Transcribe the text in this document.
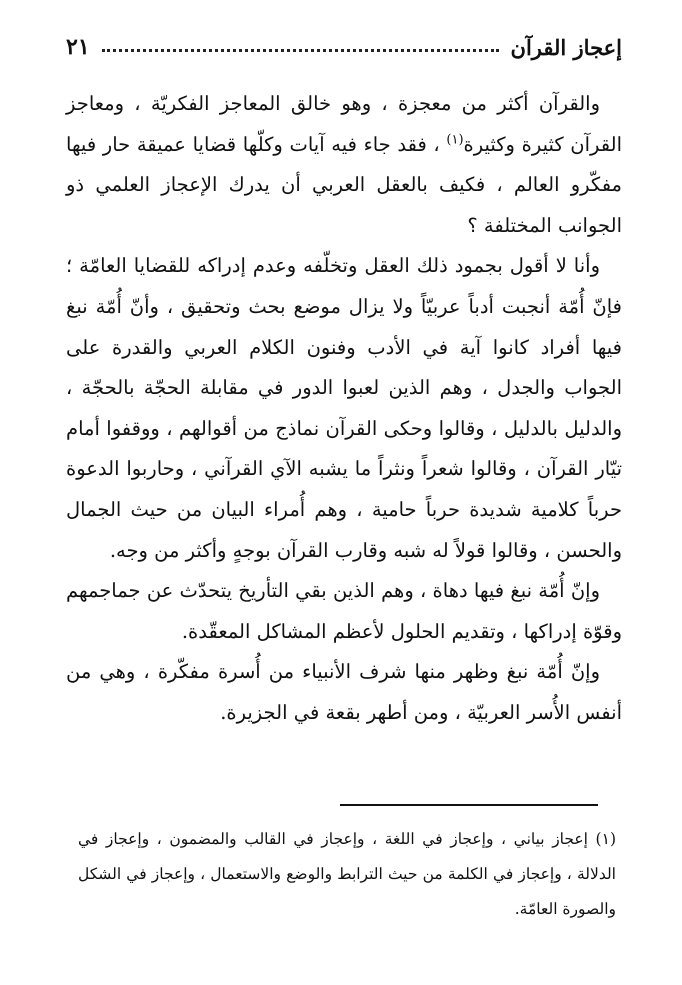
إعجاز القرآن
٢١

والقرآن أكثر من معجزة ، وهو خالق المعاجز الفكريّة ، ومعاجز القرآن كثيرة وكثيرة$^{(١)}$ ، فقد جاء فيه آيات وكلّها قضايا عميقة حار فيها مفكّرو العالم ، فكيف بالعقل العربي أن يدرك الإعجاز العلمي ذو الجوانب المختلفة ؟

وأنا لا أقول بجمود ذلك العقل وتخلّفه وعدم إدراكه للقضايا العامّة ؛ فإنّ أُمّة أنجبت أدباً عربيّاً ولا يزال موضع بحث وتحقيق ، وأنّ أُمّة نبغ فيها أفراد كانوا آية في الأدب وفنون الكلام العربي والقدرة على الجواب والجدل ، وهم الذين لعبوا الدور في مقابلة الحجّة بالحجّة ، والدليل بالدليل ، وقالوا وحكى القرآن نماذج من أقوالهم ، ووقفوا أمام تيّار القرآن ، وقالوا شعراً ونثراً ما يشبه الآي القرآني ، وحاربوا الدعوة حرباً كلامية شديدة حرباً حامية ، وهم أُمراء البيان من حيث الجمال والحسن ، وقالوا قولاً له شبه وقارب القرآن بوجهٍ وأكثر من وجه.

وإنّ أُمّة نبغ فيها دهاة ، وهم الذين بقي التأريخ يتحدّث عن جماجمهم وقوّة إدراكها ، وتقديم الحلول لأعظم المشاكل المعقّدة.

وإنّ أُمّة نبغ وظهر منها شرف الأنبياء من أُسرة مفكّرة ، وهي من أنفس الأُسر العربيّة ، ومن أطهر بقعة في الجزيرة.

(١) إعجاز بياني ، وإعجاز في اللغة ، وإعجاز في القالب والمضمون ، وإعجاز في الدلالة ، وإعجاز في الكلمة من حيث الترابط والوضع والاستعمال ، وإعجاز في الشكل والصورة العامّة.
